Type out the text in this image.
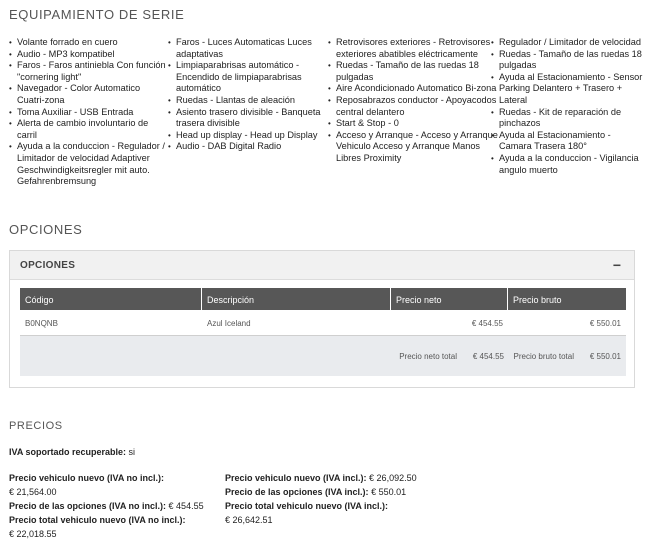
EQUIPAMIENTO DE SERIE
• Volante forrado en cuero
• Audio - MP3 kompatibel
• Faros - Faros antiniebla Con función "cornering light"
• Navegador - Color Automatico Cuatri-zona
• Toma Auxiliar - USB Entrada
• Alerta de cambio involuntario de carril
• Ayuda a la conduccion - Regulador / Limitador de velocidad Adaptiver Geschwindigkeitsregler mit auto. Gefahrenbremsung
• Faros - Luces Automaticas Luces adaptativas
• Limpiaparabrisas automático - Encendido de limpiaparabrisas automático
• Ruedas - Llantas de aleación
• Asiento trasero divisible - Banqueta trasera divisible
• Head up display - Head up Display
• Audio - DAB Digital Radio
• Retrovisores exteriores - Retrovisores exteriores abatibles eléctricamente
• Ruedas - Tamaño de las ruedas 18 pulgadas
• Aire Acondicionado Automatico Bi-zona
• Reposabrazos conductor - Apoyacodos central delantero
• Start & Stop - 0
• Acceso y Arranque - Acceso y Arranque Vehiculo Acceso y Arranque Manos Libres Proximity
• Regulador / Limitador de velocidad
• Ruedas - Tamaño de las ruedas 18 pulgadas
• Ayuda al Estacionamiento - Sensor Parking Delantero + Trasero + Lateral
• Ruedas - Kit de reparación de pinchazos
• Ayuda al Estacionamiento - Camara Trasera 180°
• Ayuda a la conduccion - Vigilancia angulo muerto
OPCIONES
OPCIONES	−
Código	Descripción	Precio neto	Precio bruto
B0NQNB	Azul Iceland	€ 454.55	€ 550.01
Precio neto total	€ 454.55	Precio bruto total	€ 550.01
PRECIOS
IVA soportado recuperable: si
Precio vehiculo nuevo (IVA no incl.):
€ 21,564.00
Precio de las opciones (IVA no incl.): € 454.55
Precio total vehiculo nuevo (IVA no incl.):
€ 22,018.55
Precio vehiculo nuevo (IVA incl.): € 26,092.50
Precio de las opciones (IVA incl.): € 550.01
Precio total vehiculo nuevo (IVA incl.):
€ 26,642.51
